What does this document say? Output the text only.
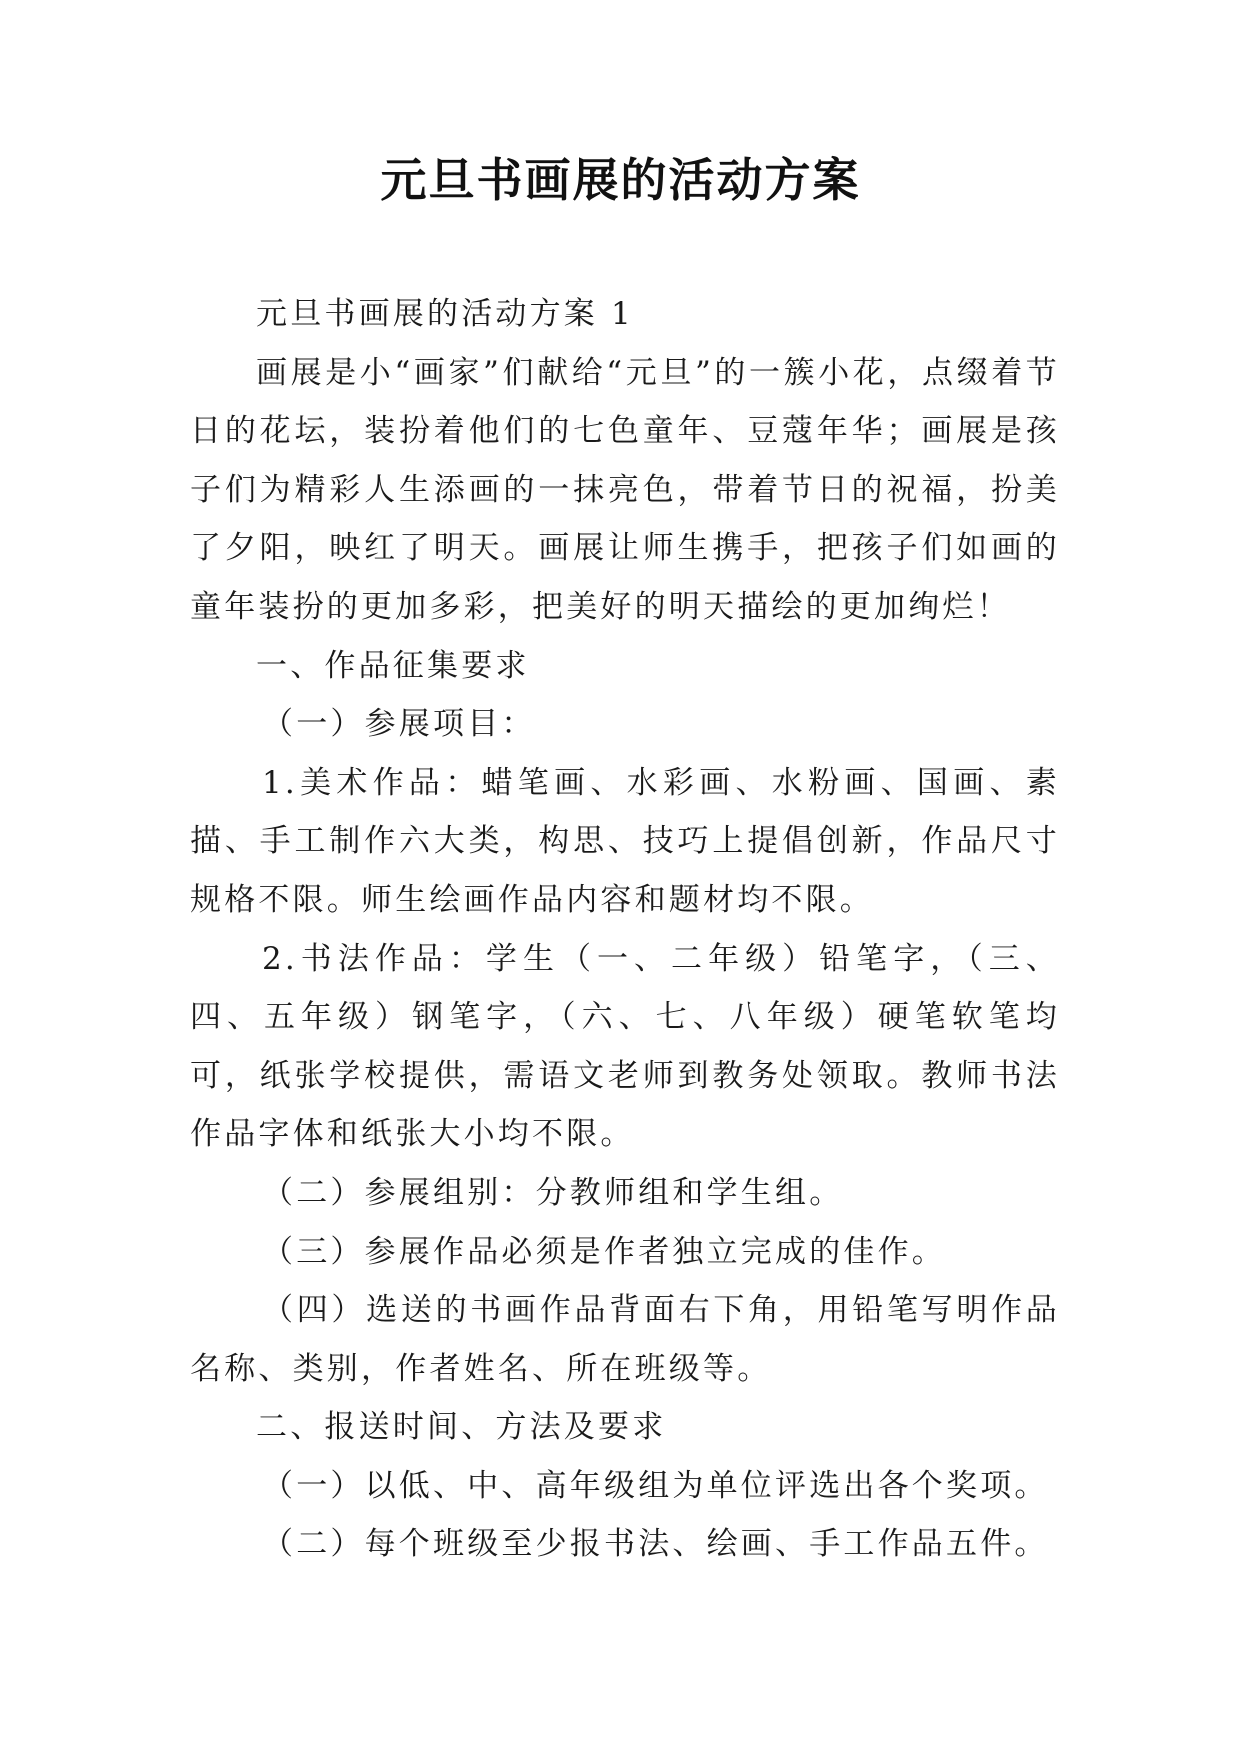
元旦书画展的活动方案

元旦书画展的活动方案 1

画展是小“画家”们献给“元旦”的一簇小花，点缀着节日的花坛，装扮着他们的七色童年、豆蔻年华；画展是孩子们为精彩人生添画的一抹亮色，带着节日的祝福，扮美了夕阳，映红了明天。画展让师生携手，把孩子们如画的童年装扮的更加多彩，把美好的明天描绘的更加绚烂！

一、作品征集要求

（一）参展项目：

1.美术作品：蜡笔画、水彩画、水粉画、国画、素描、手工制作六大类，构思、技巧上提倡创新，作品尺寸规格不限。师生绘画作品内容和题材均不限。

2.书法作品：学生（一、二年级）铅笔字，（三、四、五年级）钢笔字，（六、七、八年级）硬笔软笔均可，纸张学校提供，需语文老师到教务处领取。教师书法作品字体和纸张大小均不限。

（二）参展组别：分教师组和学生组。

（三）参展作品必须是作者独立完成的佳作。

（四）选送的书画作品背面右下角，用铅笔写明作品名称、类别，作者姓名、所在班级等。

二、报送时间、方法及要求

（一）以低、中、高年级组为单位评选出各个奖项。

（二）每个班级至少报书法、绘画、手工作品五件。
